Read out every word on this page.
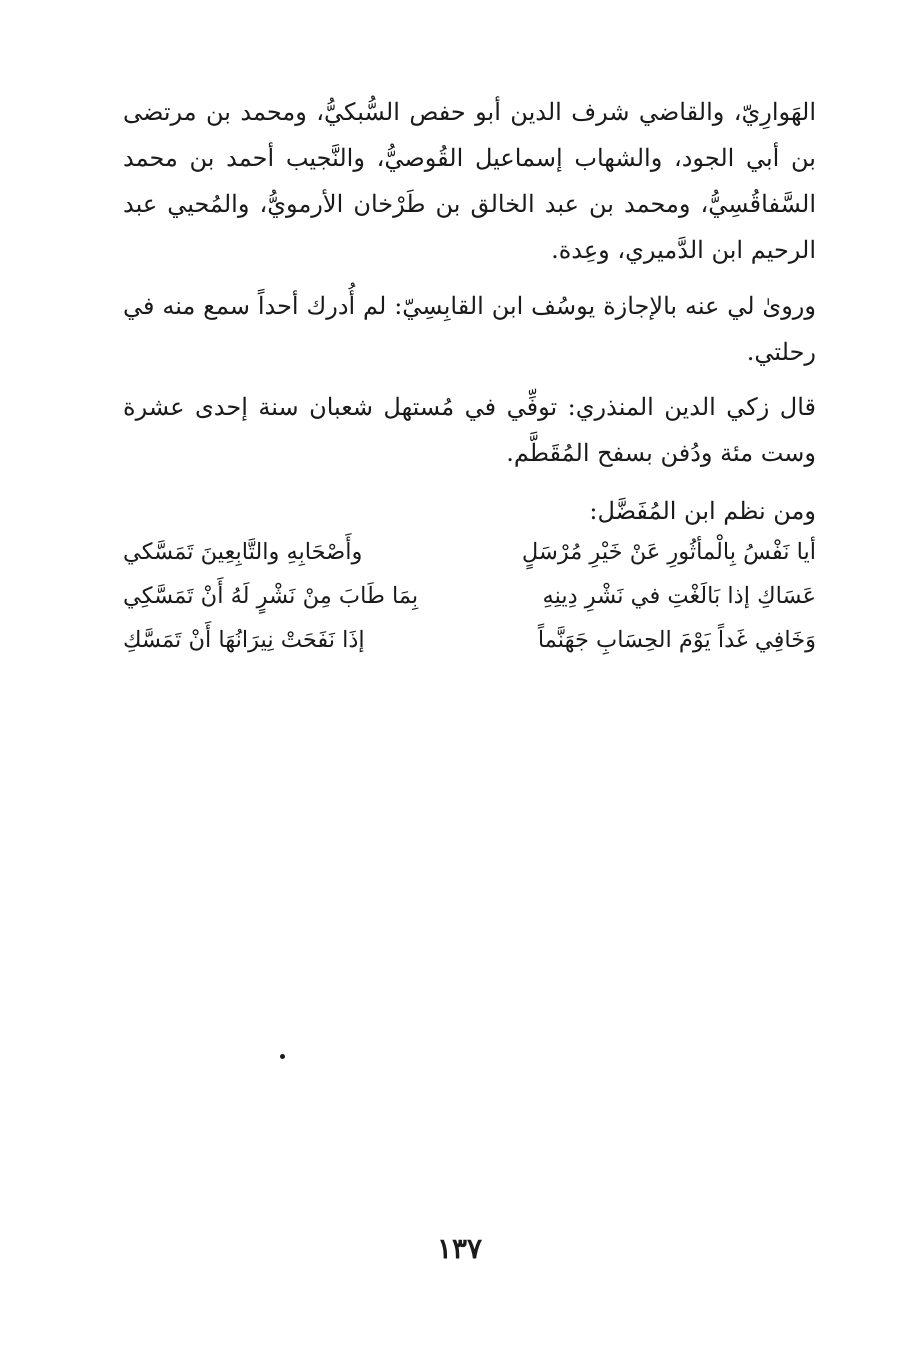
الهَوارِيّ، والقاضي شرف الدين أبو حفص السُّبكيُّ، ومحمد بن مرتضى بن أبي الجود، والشهاب إسماعيل القُوصيُّ، والنَّجيب أحمد بن محمد السَّفاقُسِيُّ، ومحمد بن عبد الخالق بن طَرْخان الأرمويُّ، والمُحيي عبد الرحيم ابن الدَّميري، وعِدة.

وروىٰ لي عنه بالإجازة يوسُف ابن القابِسِيّ: لم أُدرك أحداً سمع منه في رحلتي.

قال زكي الدين المنذري: توفِّي في مُستهل شعبان سنة إحدى عشرة وست مئة ودُفن بسفح المُقَطَّم.

ومن نظم ابن المُفَضَّل:
أيا نَفْسُ بِالْمأثُورِ عَنْ خَيْرِ مُرْسَلٍ
وأَصْحَابِهِ والتَّابِعِينَ تَمَسَّكي
عَسَاكِ إذا بَالَغْتِ في نَشْرِ دِينِهِ
بِمَا طَابَ مِنْ نَشْرٍ لَهُ أَنْ تَمَسَّكِي
وَخَافِي غَداً يَوْمَ الحِسَابِ جَهَنَّماً
إذَا نَفَحَتْ نِيرَانُهَا أَنْ تَمَسَّكِ
١٣٧
